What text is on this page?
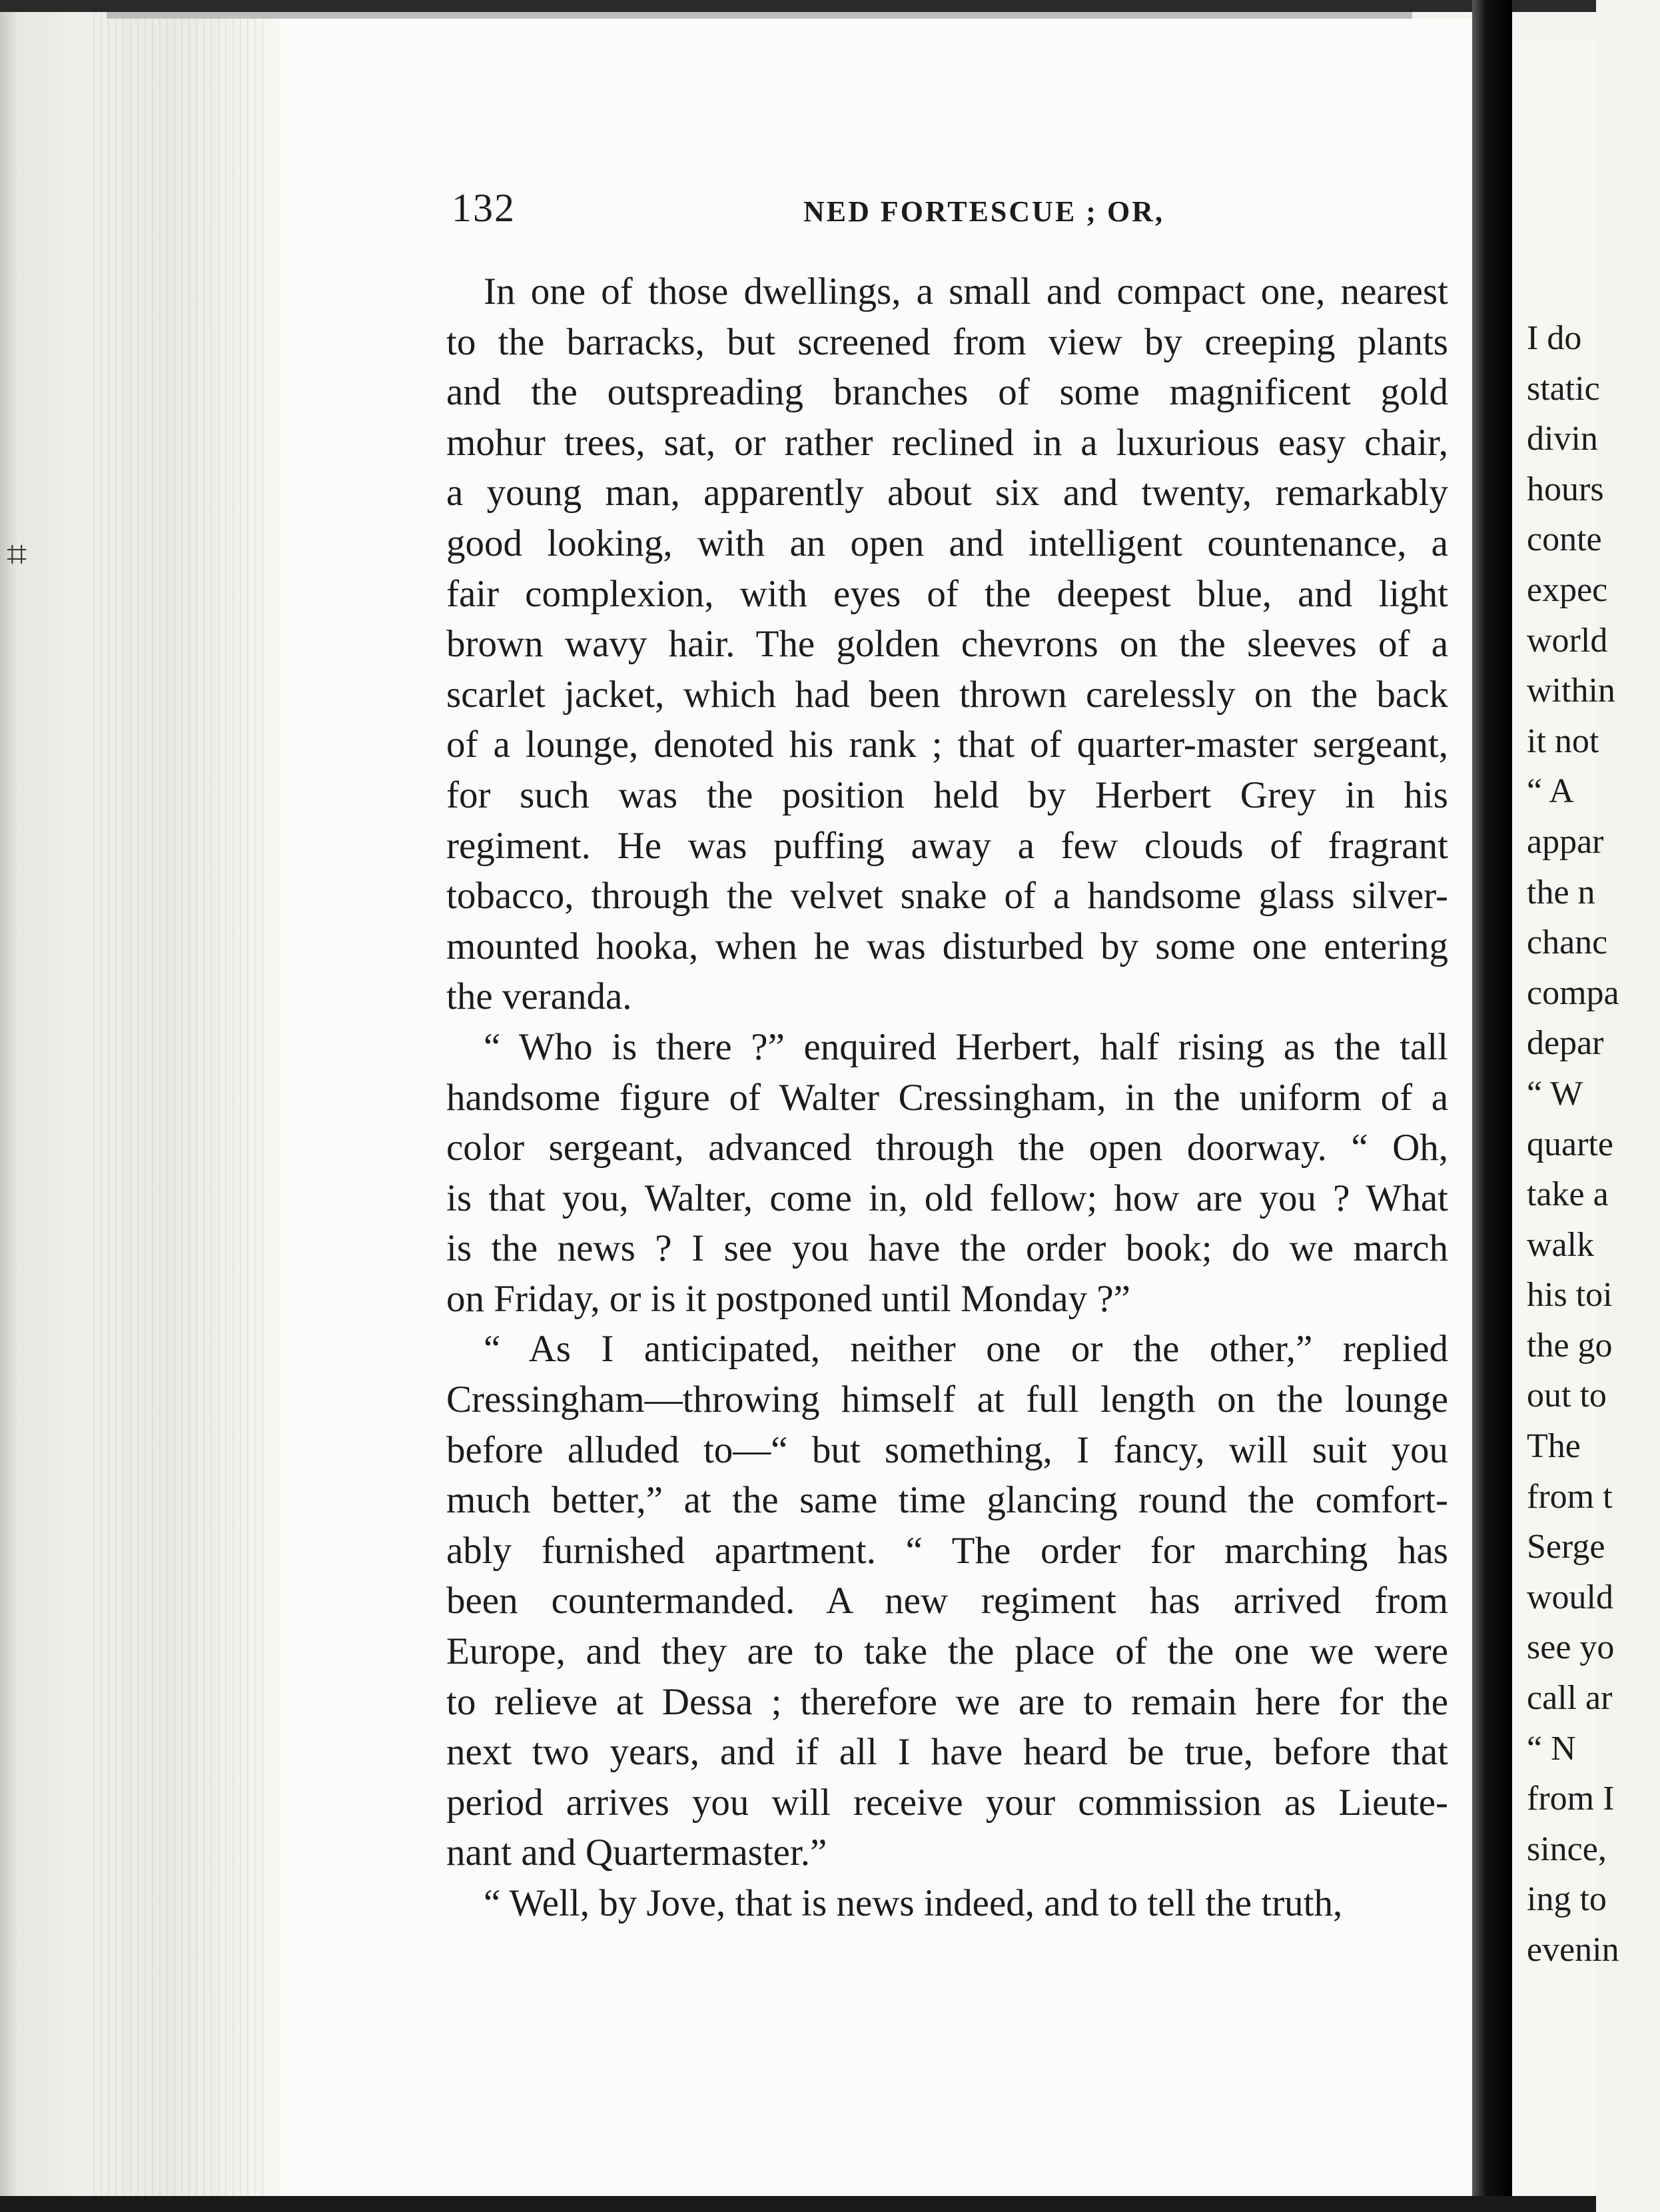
⌗
132	NED FORTESCUE ; OR,
In one of those dwellings, a small and compact one, nearest
to the barracks, but screened from view by creeping plants
and the outspreading branches of some magnificent gold
mohur trees, sat, or rather reclined in a luxurious easy chair,
a young man, apparently about six and twenty, remarkably
good looking, with an open and intelligent countenance, a
fair complexion, with eyes of the deepest blue, and light
brown wavy hair. The golden chevrons on the sleeves of a
scarlet jacket, which had been thrown carelessly on the back
of a lounge, denoted his rank ; that of quarter-master sergeant,
for such was the position held by Herbert Grey in his
regiment. He was puffing away a few clouds of fragrant
tobacco, through the velvet snake of a handsome glass silver-
mounted hooka, when he was disturbed by some one entering
the veranda.
“ Who is there ?” enquired Herbert, half rising as the tall
handsome figure of Walter Cressingham, in the uniform of a
color sergeant, advanced through the open doorway. “ Oh,
is that you, Walter, come in, old fellow; how are you ? What
is the news ? I see you have the order book; do we march
on Friday, or is it postponed until Monday ?”
“ As I anticipated, neither one or the other,” replied
Cressingham—throwing himself at full length on the lounge
before alluded to—“ but something, I fancy, will suit you
much better,” at the same time glancing round the comfort-
ably furnished apartment. “ The order for marching has
been countermanded. A new regiment has arrived from
Europe, and they are to take the place of the one we were
to relieve at Dessa ; therefore we are to remain here for the
next two years, and if all I have heard be true, before that
period arrives you will receive your commission as Lieute-
nant and Quartermaster.”
“ Well, by Jove, that is news indeed, and to tell the truth,
I do
static
divin
hours
conte
expec
world
within
it not
“ A
appar
the n
chanc
compa
depar
“ W
quarte
take a
walk
his toi
the go
out to
The
from t
Serge
would
see yo
call ar
“ N
from I
since,
ing to
evenin
